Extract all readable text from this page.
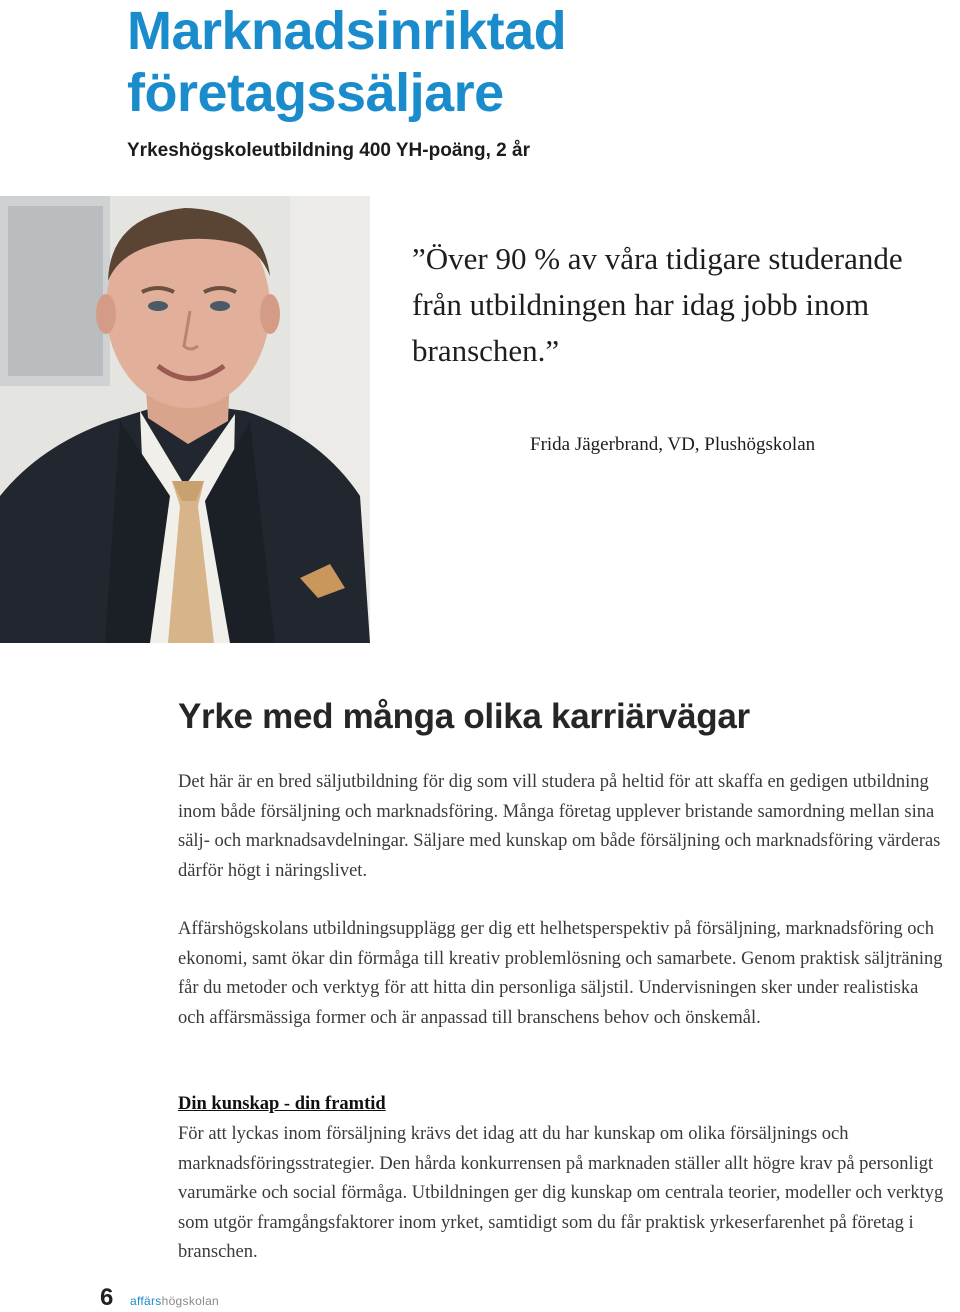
Marknadsinriktad företagssäljare

Yrkeshögskoleutbildning 400 YH-poäng, 2 år

”Över 90 % av våra tidigare studerande från utbildningen har idag jobb inom branschen.”

Frida Jägerbrand, VD, Plushögskolan

Yrke med många olika karriärvägar

Det här är en bred säljutbildning för dig som vill studera på heltid för att skaffa en gedigen utbildning inom både försäljning och marknadsföring. Många företag upplever bristande samordning mellan sina sälj- och marknadsavdelningar. Säljare med kunskap om både försäljning och marknadsföring värderas därför högt i näringslivet.

Affärshögskolans utbildningsupplägg ger dig ett helhetsperspektiv på försäljning, marknadsföring och ekonomi, samt ökar din förmåga till kreativ problemlösning och samarbete. Genom praktisk säljträning får du metoder och verktyg för att hitta din personliga säljstil. Undervisningen sker under realistiska och affärsmässiga former och är anpassad till branschens behov och önskemål.

Din kunskap - din framtid

För att lyckas inom försäljning krävs det idag att du har kunskap om olika försäljnings och marknadsföringsstrategier. Den hårda konkurrensen på marknaden ställer allt högre krav på personligt varumärke och social förmåga. Utbildningen ger dig kunskap om centrala teorier, modeller och verktyg som utgör framgångsfaktorer inom yrket, samtidigt som du får praktisk yrkeserfarenhet på företag i branschen.

6 affärshögskolan
